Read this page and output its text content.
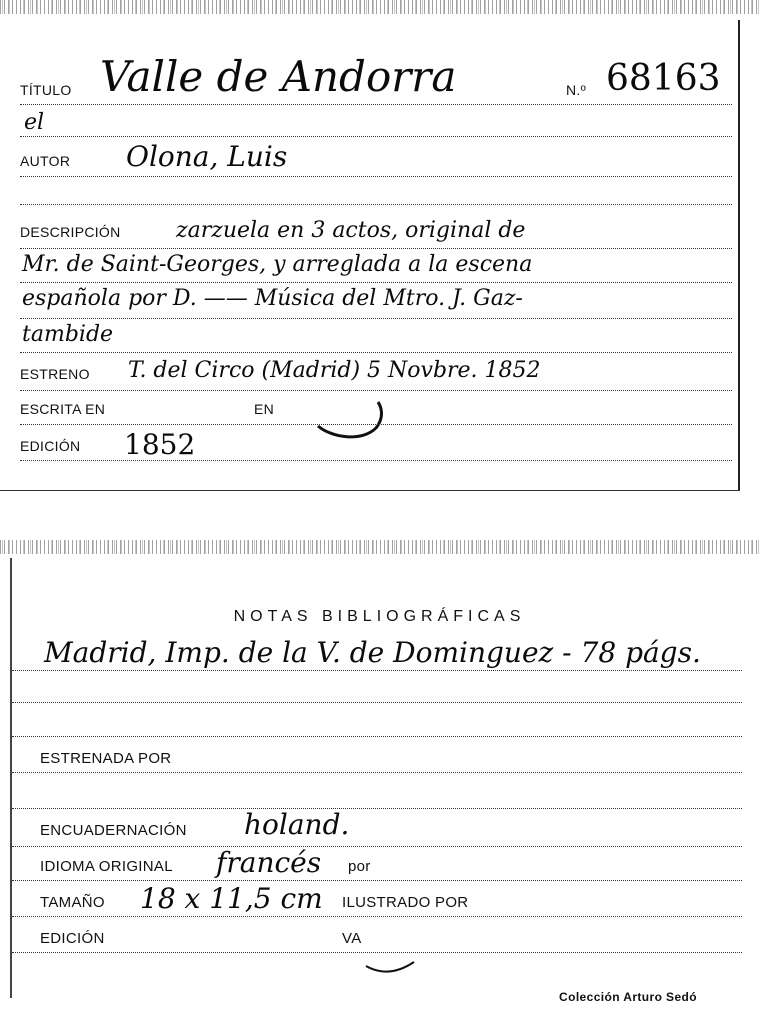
TÍTULO Valle de Andorra	N.º 68163
el
AUTOR Olona, Luis
DESCRIPCIÓN	zarzuela en 3 actos, original de
Mr. de Saint-Georges, y arreglada a la escena
española por D. —— Música del Mtro. J. Gaz-
tambide
ESTRENO T. del Circo (Madrid) 5 Novbre. 1852
ESCRITA EN	EN
EDICIÓN 1852
NOTAS BIBLIOGRÁFICAS
Madrid, Imp. de la V. de Dominguez - 78 págs.
ESTRENADA POR
ENCUADERNACIÓN holand.
IDIOMA ORIGINAL francés por
TAMAÑO 18 x 11,5 cm ILUSTRADO POR
EDICIÓN	VA
Colección Arturo Sedó
